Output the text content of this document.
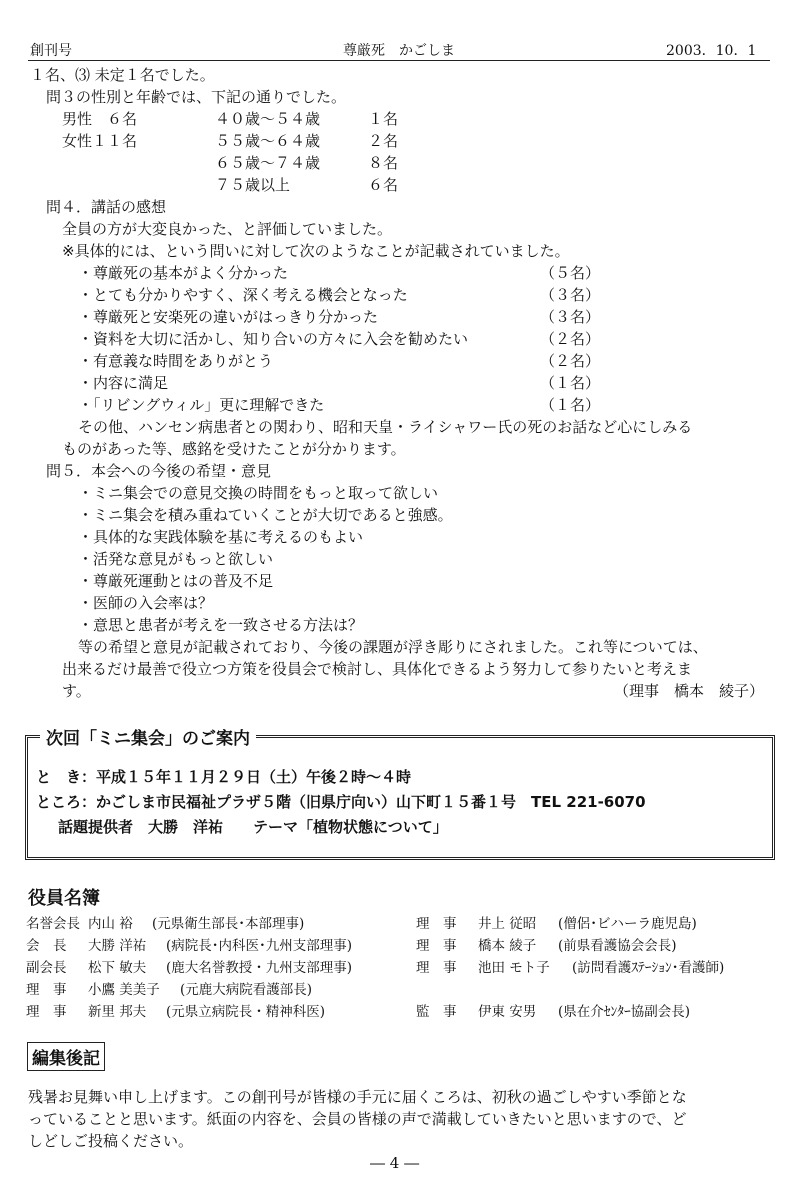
創刊号	尊厳死　かごしま	2003．10．1
１名、⑶ 未定１名でした。
問３の性別と年齢では、下記の通りでした。
男性　６名
女性１１名
４０歳～５４歳	１名
５５歳～６４歳	２名
６５歳～７４歳	８名
７５歳以上	６名
問４．講話の感想
全員の方が大変良かった、と評価していました。
※具体的には、という問いに対して次のようなことが記載されていました。
・尊厳死の基本がよく分かった	（５名）
・とても分かりやすく、深く考える機会となった	（３名）
・尊厳死と安楽死の違いがはっきり分かった	（３名）
・資料を大切に活かし、知り合いの方々に入会を勧めたい	（２名）
・有意義な時間をありがとう	（２名）
・内容に満足	（１名）
・「リビングウィル」更に理解できた	（１名）
その他、ハンセン病患者との関わり、昭和天皇・ライシャワー氏の死のお話など心にしみる
ものがあった等、感銘を受けたことが分かります。
問５．本会への今後の希望・意見
・ミニ集会での意見交換の時間をもっと取って欲しい
・ミニ集会を積み重ねていくことが大切であると強感。
・具体的な実践体験を基に考えるのもよい
・活発な意見がもっと欲しい
・尊厳死運動とはの普及不足
・医師の入会率は？
・意思と患者が考えを一致させる方法は？
等の希望と意見が記載されており、今後の課題が浮き彫りにされました。これ等については、
出来るだけ最善で役立つ方策を役員会で検討し、具体化できるよう努力して参りたいと考えま
す。	（理事　橋本　綾子）
次回「ミニ集会」のご案内
と　き：平成１５年１１月２９日（土）午後２時～４時
ところ：かごしま市民福祉プラザ５階（旧県庁向い）山下町１５番１号　TEL 221-6070
話題提供者　大勝　洋祐　　テーマ「植物状態について」
役員名簿
名誉会長 内山 裕 (元県衛生部長･本部理事)
会　長 大勝 洋祐 (病院長･内科医･九州支部理事)
副会長 松下 敏夫 (鹿大名誉教授・九州支部理事)
理　事 小鷹 美美子 (元鹿大病院看護部長)
理　事 新里 邦夫 (元県立病院長・精神科医)
理　事 井上 従昭 (僧侶･ビハーラ鹿児島)
理　事 橋本 綾子 (前県看護協会会長)
理　事 池田 モト子 (訪問看護ｽﾃｰｼｮﾝ･看護師)
監　事 伊東 安男 (県在介ｾﾝﾀｰ協副会長)
編集後記
残暑お見舞い申し上げます。この創刊号が皆様の手元に届くころは、初秋の過ごしやすい季節とな
っていることと思います。紙面の内容を、会員の皆様の声で満載していきたいと思いますので、ど
しどしご投稿ください。
― 4 ―
